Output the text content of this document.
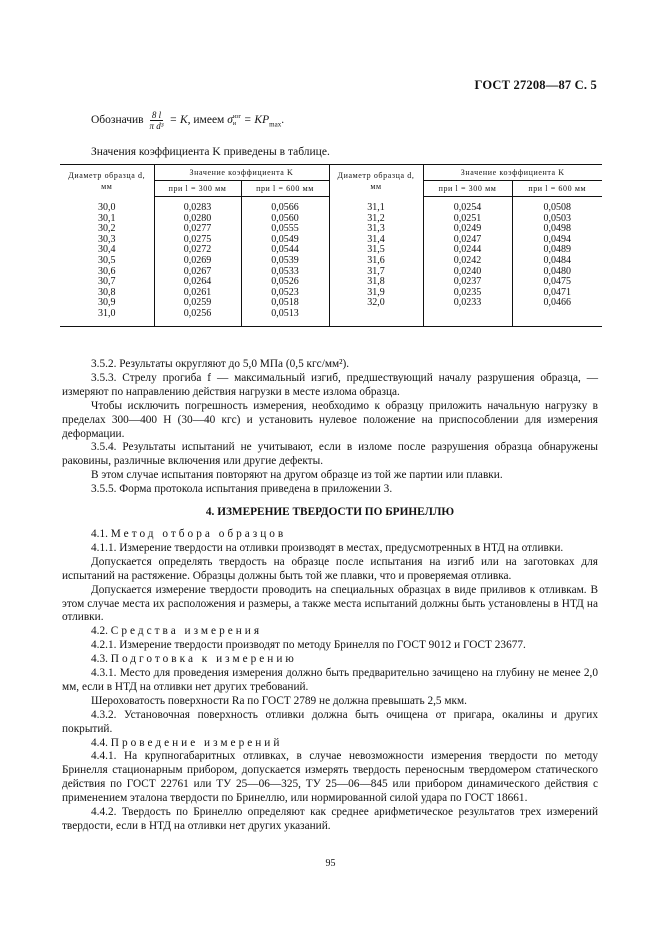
ГОСТ 27208—87 С. 5
Обозначив $\frac{8 l}{\text{π d³}} = K$, имеем σ изг
$и = KP_{max}$.
Значения коэффициента K приведены в таблице.
Диаметр образца d, мм	Значение коэффициента K		Диаметр образца d, мм	Значение коэффициента K	
	при l = 300 мм	при l = 600 мм		при l = 300 мм	при l = 600 мм
30,0	0,0283	0,0566	31,1	0,0254	0,0508
30,1	0,0280	0,0560	31,2	0,0251	0,0503
30,2	0,0277	0,0555	31,3	0,0249	0,0498
30,3	0,0275	0,0549	31,4	0,0247	0,0494
30,4	0,0272	0,0544	31,5	0,0244	0,0489
30,5	0,0269	0,0539	31,6	0,0242	0,0484
30,6	0,0267	0,0533	31,7	0,0240	0,0480
30,7	0,0264	0,0526	31,8	0,0237	0,0475
30,8	0,0261	0,0523	31,9	0,0235	0,0471
30,9	0,0259	0,0518	32,0	0,0233	0,0466
31,0	0,0256	0,0513			

3.5.2. Результаты округляют до 5,0 МПа (0,5 кгс/мм²).

3.5.3. Стрелу прогиба f — максимальный изгиб, предшествующий началу разрушения образца, — измеряют по направлению действия нагрузки в месте излома образца.

Чтобы исключить погрешность измерения, необходимо к образцу приложить начальную нагрузку в пределах 300—400 Н (30—40 кгс) и установить нулевое положение на приспособлении для измерения деформации.

3.5.4. Результаты испытаний не учитывают, если в изломе после разрушения образца обнаружены раковины, различные включения или другие дефекты.

В этом случае испытания повторяют на другом образце из той же партии или плавки.

3.5.5. Форма протокола испытания приведена в приложении 3.

4. ИЗМЕРЕНИЕ ТВЕРДОСТИ ПО БРИНЕЛЛЮ

4.1. Метод отбора образцов

4.1.1. Измерение твердости на отливки производят в местах, предусмотренных в НТД на отливки.

Допускается определять твердость на образце после испытания на изгиб или на заготовках для испытаний на растяжение. Образцы должны быть той же плавки, что и проверяемая отливка.

Допускается измерение твердости проводить на специальных образцах в виде приливов к отливкам. В этом случае места их расположения и размеры, а также места испытаний должны быть установлены в НТД на отливки.

4.2. Средства измерения

4.2.1. Измерение твердости производят по методу Бринелля по ГОСТ 9012 и ГОСТ 23677.

4.3. Подготовка к измерению

4.3.1. Место для проведения измерения должно быть предварительно зачищено на глубину не менее 2,0 мм, если в НТД на отливки нет других требований.

Шероховатость поверхности Ra по ГОСТ 2789 не должна превышать 2,5 мкм.

4.3.2. Установочная поверхность отливки должна быть очищена от пригара, окалины и других покрытий.

4.4. Проведение измерений

4.4.1. На крупногабаритных отливках, в случае невозможности измерения твердости по методу Бринелля стационарным прибором, допускается измерять твердость переносным твердомером статического действия по ГОСТ 22761 или ТУ 25—06—325, ТУ 25—06—845 или прибором динамического действия с применением эталона твердости по Бринеллю, или нормированной силой удара по ГОСТ 18661.

4.4.2. Твердость по Бринеллю определяют как среднее арифметическое результатов трех измерений твердости, если в НТД на отливки нет других указаний.

95
